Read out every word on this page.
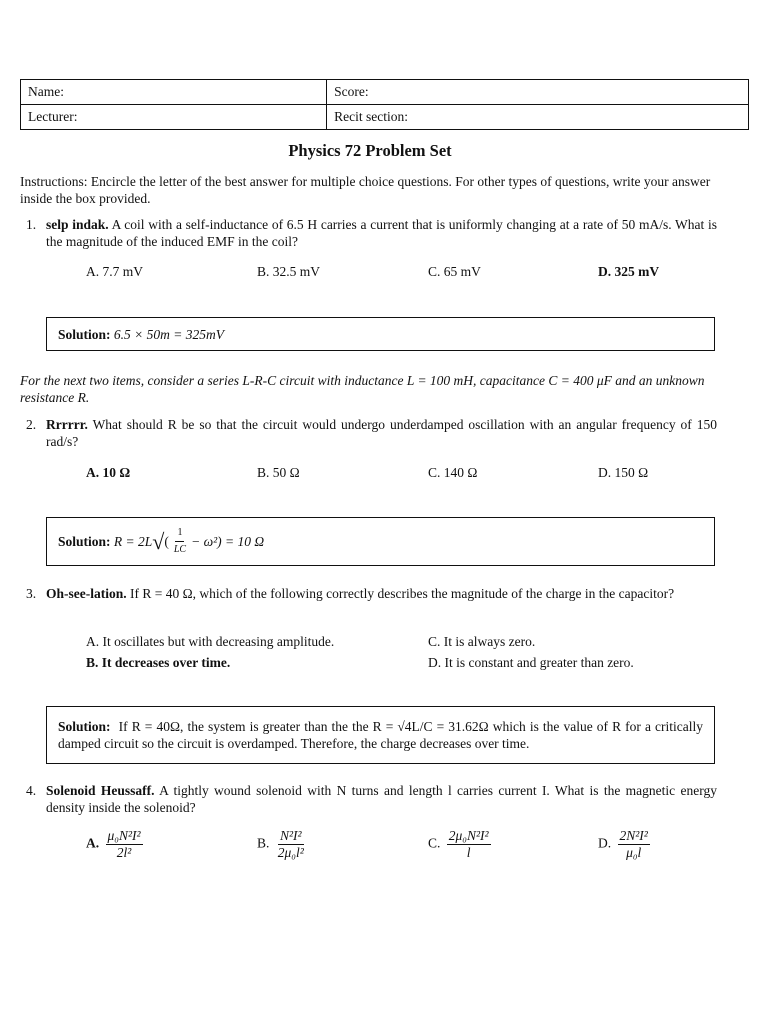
Name:	Score:
Lecturer:	Recit section:
Physics 72 Problem Set
Instructions: Encircle the letter of the best answer for multiple choice questions. For other types of questions, write your answer inside the box provided.
1. selp indak. A coil with a self-inductance of 6.5 H carries a current that is uniformly changing at a rate of 50 mA/s. What is the magnitude of the induced EMF in the coil?
A. 7.7 mV	B. 32.5 mV	C. 65 mV	D. 325 mV
Solution:
6.5 × 50m = 325mV
For the next two items, consider a series L-R-C circuit with inductance L = 100 mH, capacitance C = 400 μF and an unknown resistance R.
2. Rrrrrr. What should R be so that the circuit would undergo underdamped oscillation with an angular frequency of 150 rad/s?
A. 10 Ω	B. 50 Ω	C. 140 Ω	D. 150 Ω
Solution:
R = 2L √ ( $\frac{1}{LC} - \omega^2) = 10$ Ω
3. Oh-see-lation. If R = 40 Ω, which of the following correctly describes the magnitude of the charge in the capacitor?
A. It oscillates but with decreasing amplitude.
B. It decreases over time.
C. It is always zero.
D. It is constant and greater than zero.
Solution: If R = 40Ω, the system is greater than the the R = √4L/C = 31.62Ω which is the value of R for a critically damped circuit so the circuit is overdamped. Therefore, the charge decreases over time.
4. Solenoid Heussaff. A tightly wound solenoid with N turns and length l carries current I. What is the magnetic energy density inside the solenoid?
A. $\frac{\text{μ₀N²I²}}{\text{2l²}}$	B. $\frac{\text{N²I²}}{\text{2μ₀l²}}$	C. $\frac{\text{2μ₀N²I²}}{l}$	D. $\frac{\text{2N²I²}}{\text{μ₀l}}$
